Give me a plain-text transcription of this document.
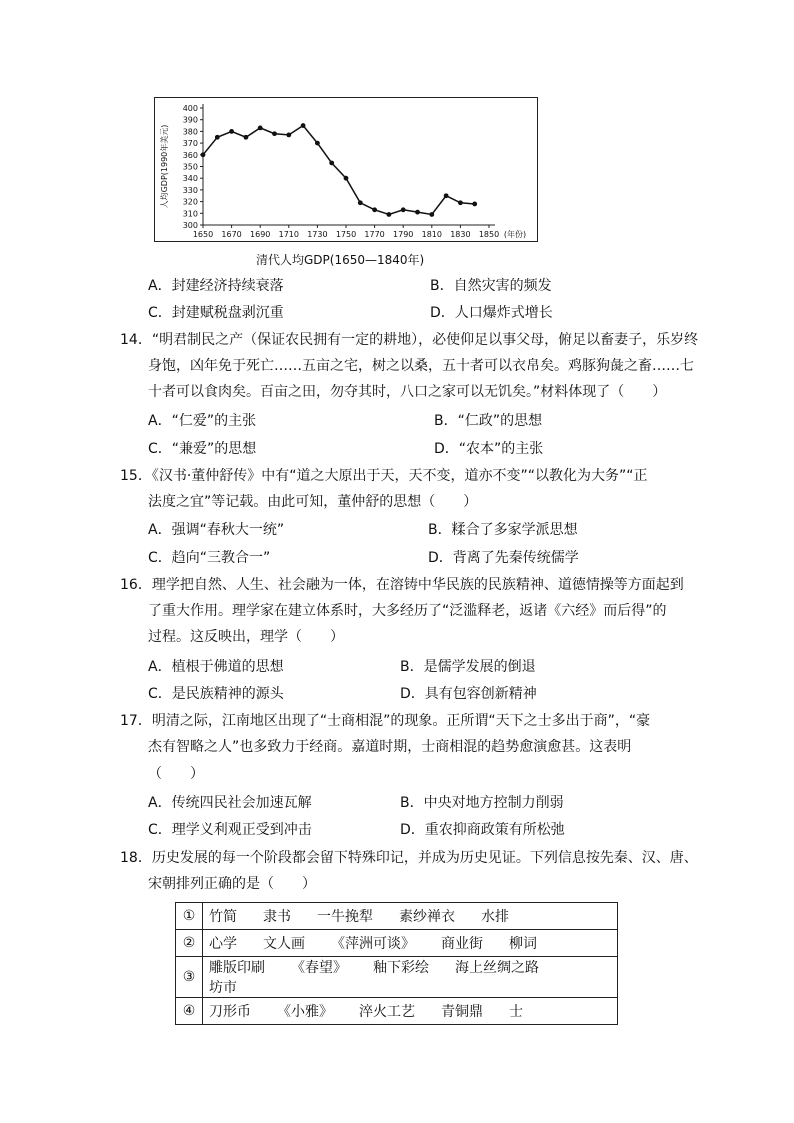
300
310
320
330
340
350
360
370
380
390
400
1650 1670 1690 1710 1730 1750 1770 1790 1810 1830 1850 (年份)
人均GDP(1990年美元)
清代人均GDP(1650—1840年)
A．封建经济持续衰落	B．自然灾害的频发
C．封建赋税盘剥沉重	D．人口爆炸式增长
14．“明君制民之产（保证农民拥有一定的耕地），必使仰足以事父母，俯足以畜妻子，乐岁终
身饱，凶年免于死亡……五亩之宅，树之以桑，五十者可以衣帛矣。鸡豚狗彘之畜……七
十者可以食肉矣。百亩之田，勿夺其时，八口之家可以无饥矣。”材料体现了（　　）
A．“仁爱”的主张	B．“仁政”的思想
C．“兼爱”的思想	D．“农本”的主张
15．《汉书·董仲舒传》中有“道之大原出于天，天不变，道亦不变”“以教化为大务”“正
法度之宜”等记载。由此可知，董仲舒的思想（　　）
A．强调“春秋大一统”	B．糅合了多家学派思想
C．趋向“三教合一”	D．背离了先秦传统儒学
16．理学把自然、人生、社会融为一体，在溶铸中华民族的民族精神、道德情操等方面起到
了重大作用。理学家在建立体系时，大多经历了“泛滥释老，返诸《六经》而后得”的
过程。这反映出，理学（　　）
A．植根于佛道的思想	B．是儒学发展的倒退
C．是民族精神的源头	D．具有包容创新精神
17．明清之际，江南地区出现了“士商相混”的现象。正所谓“天下之士多出于商”，“豪
杰有智略之人”也多致力于经商。嘉道时期，士商相混的趋势愈演愈甚。这表明
（　　）
A．传统四民社会加速瓦解	B．中央对地方控制力削弱
C．理学义利观正受到冲击	D．重农抑商政策有所松弛
18．历史发展的每一个阶段都会留下特殊印记，并成为历史见证。下列信息按先秦、汉、唐、
宋朝排列正确的是（　　）
①	竹简 隶书 一牛挽犁 素纱禅衣 水排
②	心学 文人画 《萍洲可谈》 商业街 柳词
③	雕版印刷 《春望》 釉下彩绘 海上丝绸之路坊市
④	刀形币 《小雅》 淬火工艺 青铜鼎 士
